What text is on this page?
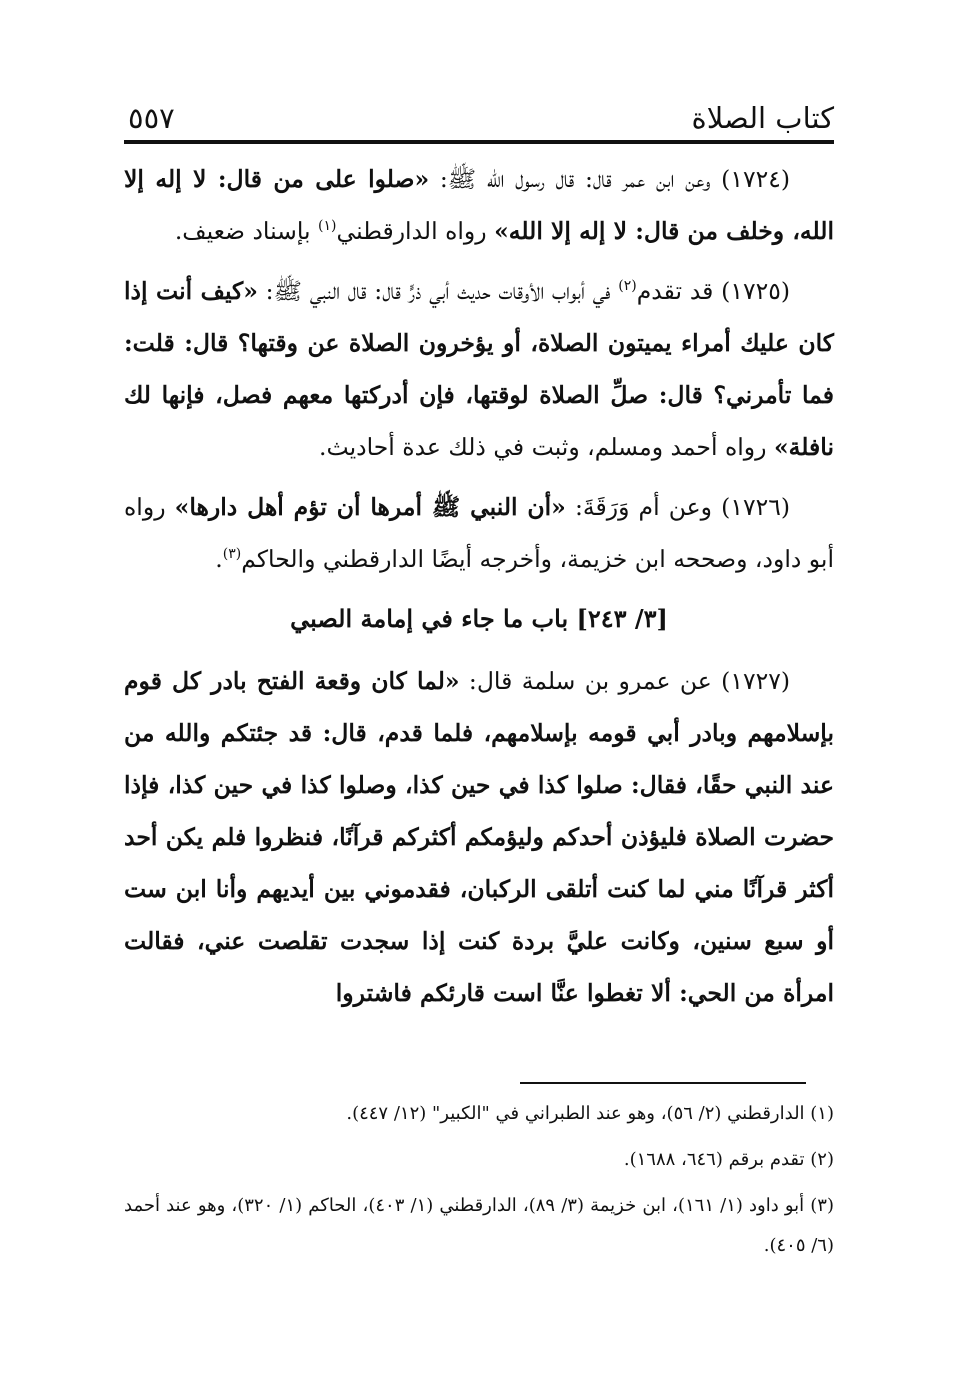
كتاب الصلاة
٥٥٧

(١٧٢٤) وعن ابن عمر قال: قال رسول الله ﷺ: «صلوا على من قال: لا إله إلا الله، وخلف من قال: لا إله إلا الله» رواه الدارقطني$^{(١)}$ بإسناد ضعيف.

(١٧٢٥) قد تقدم$^{(٢)}$ في أبواب الأوقات حديث أبي ذرٍّ قال: قال النبي ﷺ: «كيف أنت إذا كان عليك أمراء يميتون الصلاة، أو يؤخرون الصلاة عن وقتها؟ قال: قلت: فما تأمرني؟ قال: صلِّ الصلاة لوقتها، فإن أدركتها معهم فصل، فإنها لك نافلة» رواه أحمد ومسلم، وثبت في ذلك عدة أحاديث.

(١٧٢٦) وعن أم وَرَقَةَ: «أن النبي ﷺ أمرها أن تؤم أهل دارها» رواه أبو داود، وصححه ابن خزيمة، وأخرجه أيضًا الدارقطني والحاكم$^{(٣)}$.

[٣/ ٢٤٣] باب ما جاء في إمامة الصبي

(١٧٢٧) عن عمرو بن سلمة قال: «لما كان وقعة الفتح بادر كل قوم بإسلامهم وبادر أبي قومه بإسلامهم، فلما قدم، قال: قد جئتكم والله من عند النبي حقًا، فقال: صلوا كذا في حين كذا، وصلوا كذا في حين كذا، فإذا حضرت الصلاة فليؤذن أحدكم وليؤمكم أكثركم قرآنًا، فنظروا فلم يكن أحد أكثر قرآنًا مني لما كنت أتلقى الركبان، فقدموني بين أيديهم وأنا ابن ست أو سبع سنين، وكانت عليَّ بردة كنت إذا سجدت تقلصت عني، فقالت امرأة من الحي: ألا تغطوا عنَّا است قارئكم فاشتروا

(١) الدارقطني (٢/ ٥٦)، وهو عند الطبراني في "الكبير" (١٢/ ٤٤٧).

(٢) تقدم برقم (٦٤٦، ١٦٨٨).

(٣) أبو داود (١/ ١٦١)، ابن خزيمة (٣/ ٨٩)، الدارقطني (١/ ٤٠٣)، الحاكم (١/ ٣٢٠)، وهو عند أحمد (٦/ ٤٠٥).
